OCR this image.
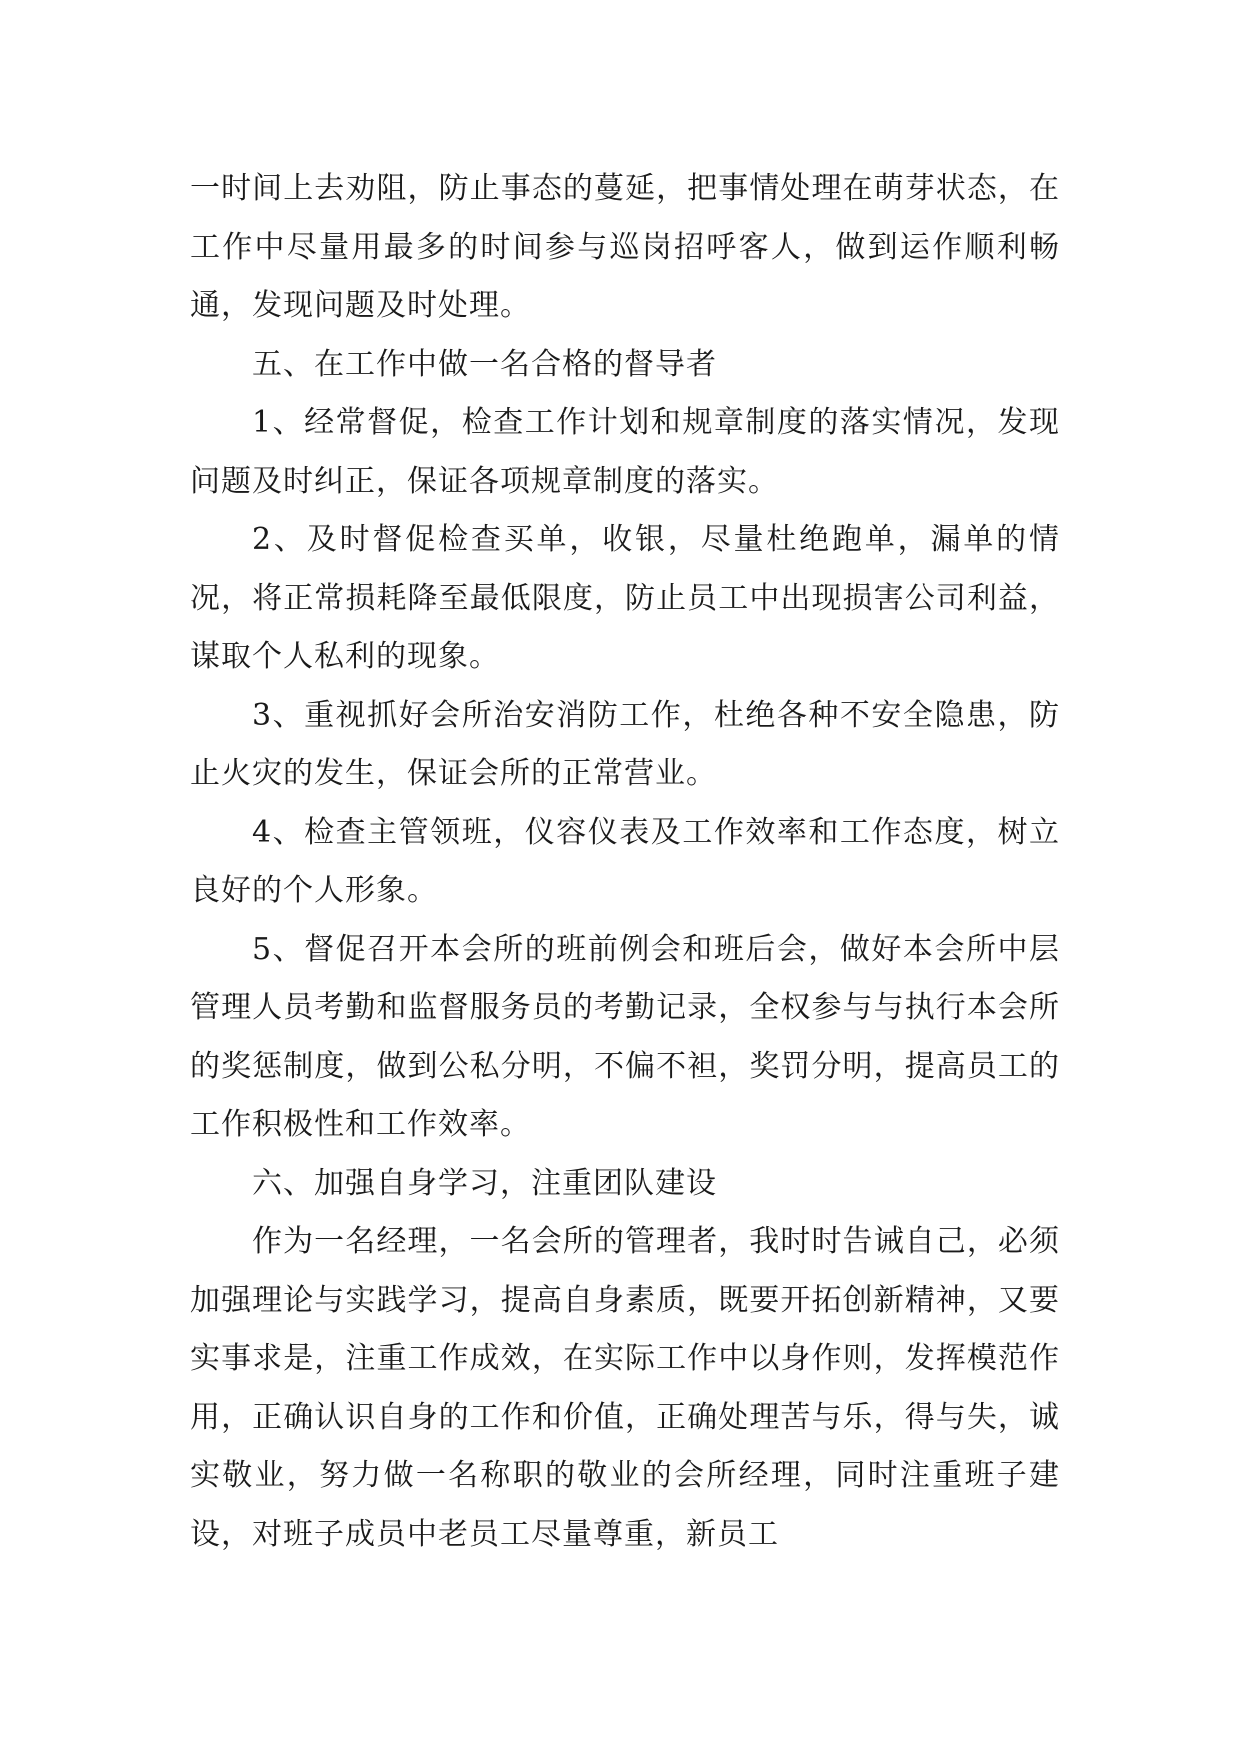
一时间上去劝阻，防止事态的蔓延，把事情处理在萌芽状态，在工作中尽量用最多的时间参与巡岗招呼客人，做到运作顺利畅通，发现问题及时处理。

五、在工作中做一名合格的督导者

1、经常督促，检查工作计划和规章制度的落实情况，发现问题及时纠正，保证各项规章制度的落实。

2、及时督促检查买单，收银，尽量杜绝跑单，漏单的情况，将正常损耗降至最低限度，防止员工中出现损害公司利益，谋取个人私利的现象。

3、重视抓好会所治安消防工作，杜绝各种不安全隐患，防止火灾的发生，保证会所的正常营业。

4、检查主管领班，仪容仪表及工作效率和工作态度，树立良好的个人形象。

5、督促召开本会所的班前例会和班后会，做好本会所中层管理人员考勤和监督服务员的考勤记录，全权参与与执行本会所的奖惩制度，做到公私分明，不偏不袒，奖罚分明，提高员工的工作积极性和工作效率。

六、加强自身学习，注重团队建设

作为一名经理，一名会所的管理者，我时时告诫自己，必须加强理论与实践学习，提高自身素质，既要开拓创新精神，又要实事求是，注重工作成效，在实际工作中以身作则，发挥模范作用，正确认识自身的工作和价值，正确处理苦与乐，得与失，诚实敬业，努力做一名称职的敬业的会所经理，同时注重班子建设，对班子成员中老员工尽量尊重，新员工
